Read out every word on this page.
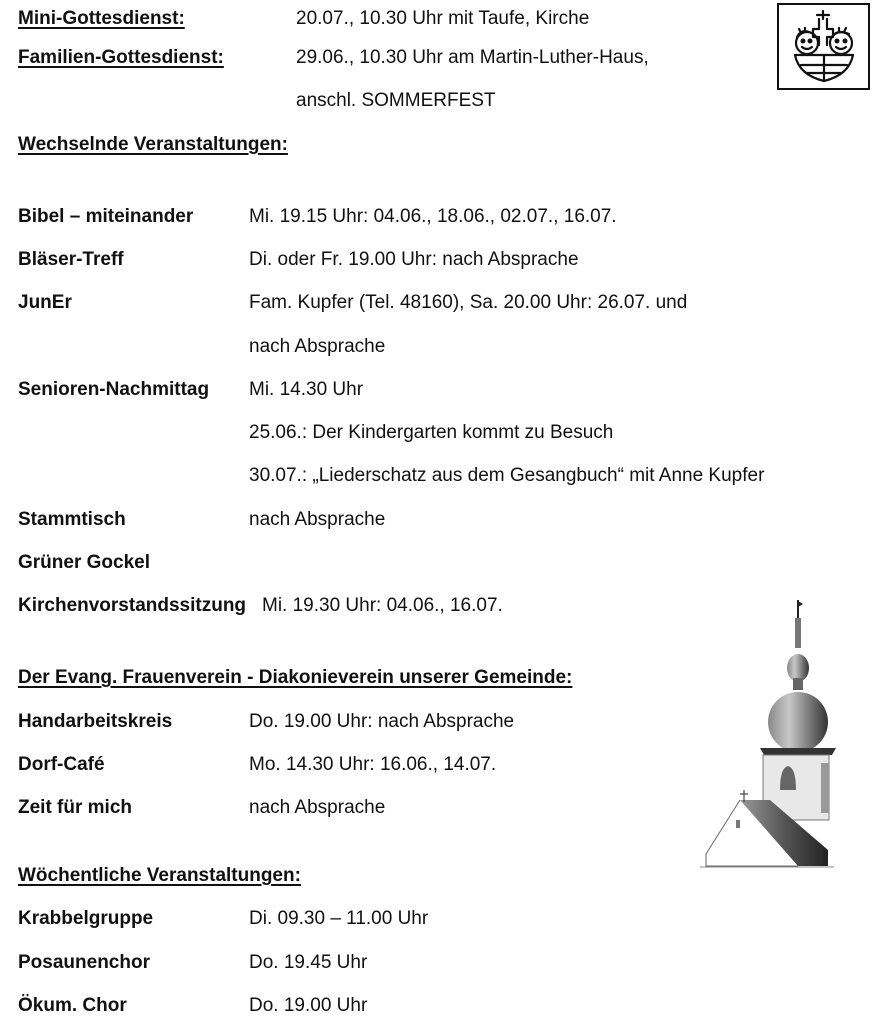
Mini-Gottesdienst:	20.07., 10.30 Uhr mit Taufe, Kirche
Familien-Gottesdienst:	29.06., 10.30 Uhr am Martin-Luther-Haus,
anschl. SOMMERFEST
Wechselnde Veranstaltungen:
Bibel – miteinander	Mi. 19.15 Uhr: 04.06., 18.06., 02.07., 16.07.
Bläser-Treff	Di. oder Fr. 19.00 Uhr: nach Absprache
JunEr	Fam. Kupfer (Tel. 48160), Sa. 20.00 Uhr: 26.07. und
nach Absprache
Senioren-Nachmittag Mi. 14.30 Uhr
25.06.: Der Kindergarten kommt zu Besuch
30.07.: „Liederschatz aus dem Gesangbuch“ mit Anne Kupfer
Stammtisch	nach Absprache
Grüner Gockel
Kirchenvorstandssitzung Mi. 19.30 Uhr: 04.06., 16.07.
Der Evang. Frauenverein - Diakonieverein unserer Gemeinde:
Handarbeitskreis	Do. 19.00 Uhr: nach Absprache
Dorf-Café	Mo. 14.30 Uhr: 16.06., 14.07.
Zeit für mich	nach Absprache
Wöchentliche Veranstaltungen:
Krabbelgruppe	Di. 09.30 – 11.00 Uhr
Posaunenchor	Do. 19.45 Uhr
Ökum. Chor	Do. 19.00 Uhr
